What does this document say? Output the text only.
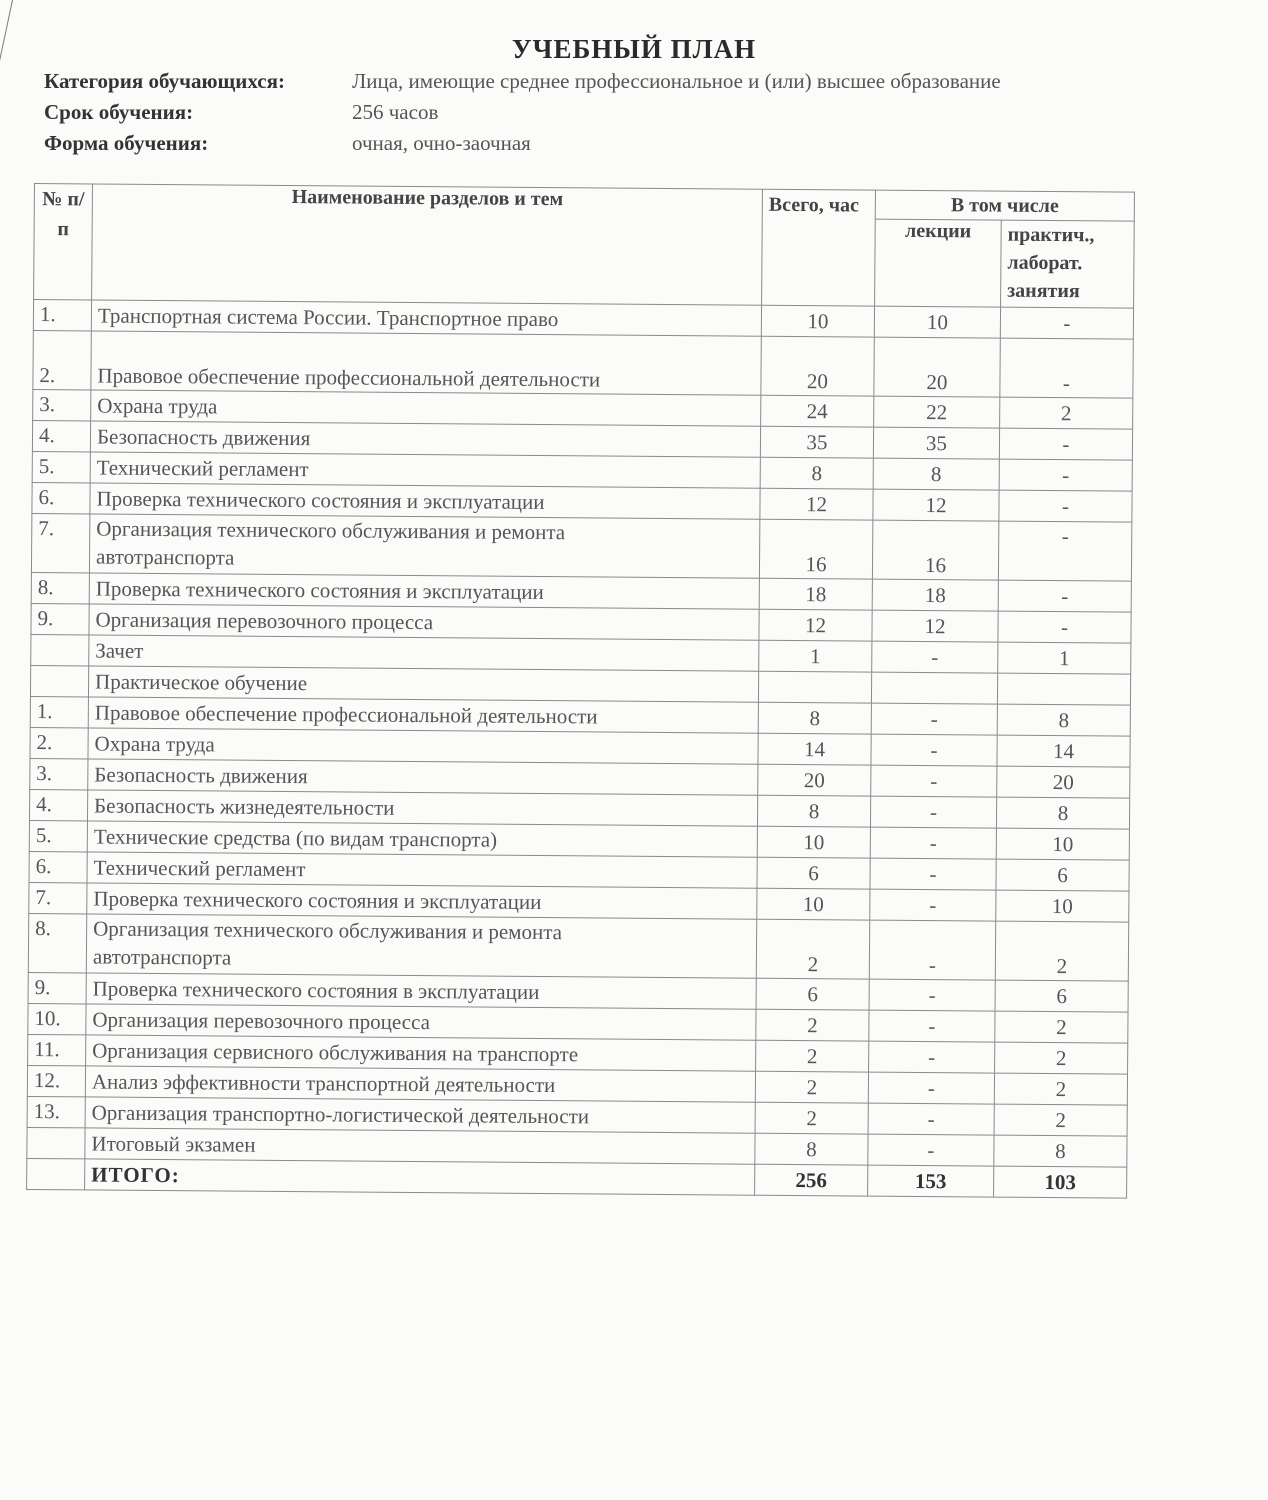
УЧЕБНЫЙ ПЛАН
Категория обучающихся:	Лица, имеющие среднее профессиональное и (или) высшее образование
Срок обучения:	256 часов
Форма обучения:	очная, очно-заочная
№ п/п	Наименование разделов и тем	Всего, час	В том числе	
			лекции	практич., лаборат. занятия
1.	Транспортная система России. Транспортное право	10	10	-
2.	Правовое обеспечение профессиональной деятельности	20	20	-
3.	Охрана труда	24	22	2
4.	Безопасность движения	35	35	-
5.	Технический регламент	8	8	-
6.	Проверка технического состояния и эксплуатации	12	12	-
7.	Организация технического обслуживания и ремонта
автотранспорта	16	16	-
8.	Проверка технического состояния и эксплуатации	18	18	-
9.	Организация перевозочного процесса	12	12	-
	Зачет	1	-	1
	Практическое обучение			
1.	Правовое обеспечение профессиональной деятельности	8	-	8
2.	Охрана труда	14	-	14
3.	Безопасность движения	20	-	20
4.	Безопасность жизнедеятельности	8	-	8
5.	Технические средства (по видам транспорта)	10	-	10
6.	Технический регламент	6	-	6
7.	Проверка технического состояния и эксплуатации	10	-	10
8.	Организация технического обслуживания и ремонта
автотранспорта	2	-	2
9.	Проверка технического состояния в эксплуатации	6	-	6
10.	Организация перевозочного процесса	2	-	2
11.	Организация сервисного обслуживания на транспорте	2	-	2
12.	Анализ эффективности транспортной деятельности	2	-	2
13.	Организация транспортно-логистической деятельности	2	-	2
	Итоговый экзамен	8	-	8
	ИТОГО:	256	153	103
